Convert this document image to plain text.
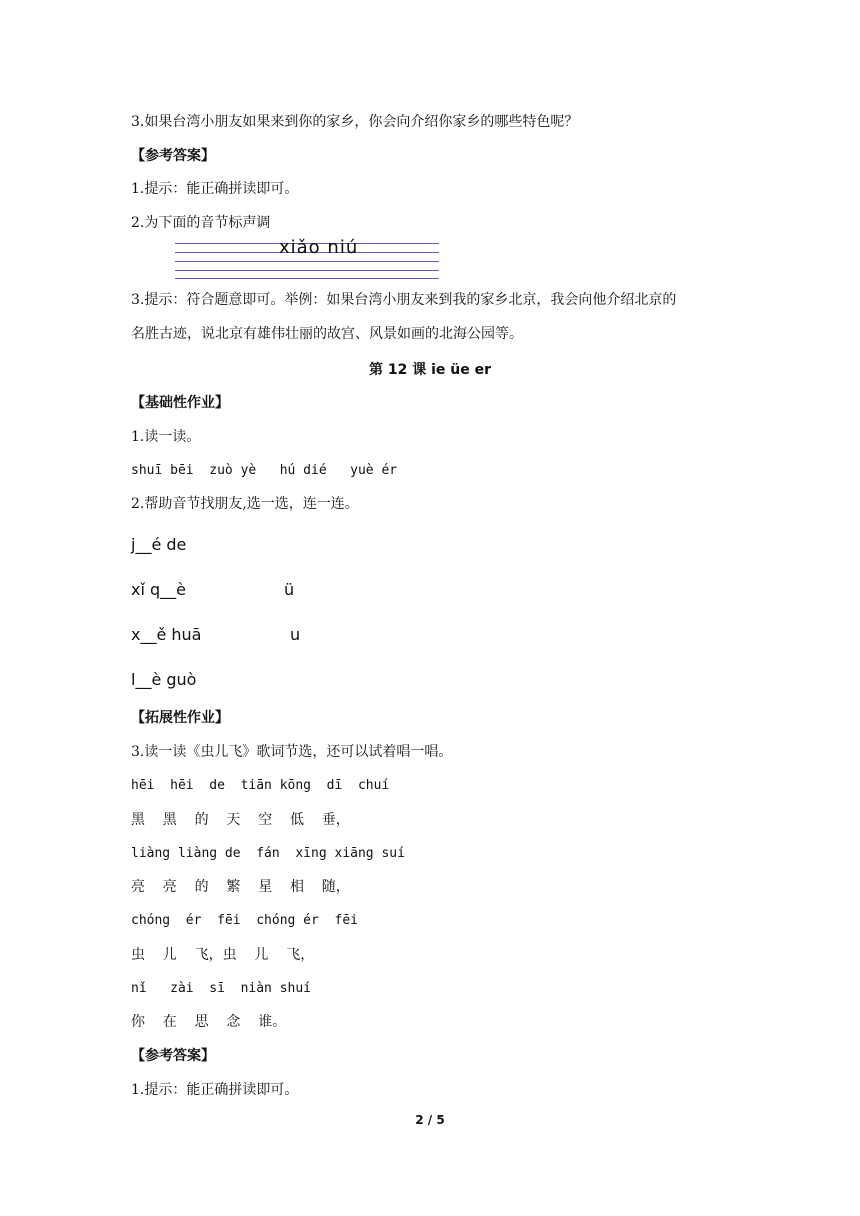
3.如果台湾小朋友如果来到你的家乡，你会向介绍你家乡的哪些特色呢？
【参考答案】
1.提示：能正确拼读即可。
2.为下面的音节标声调
xiǎo niú
3.提示：符合题意即可。举例：如果台湾小朋友来到我的家乡北京，我会向他介绍北京的
名胜古迹，说北京有雄伟壮丽的故宫、风景如画的北海公园等。
第 12 课 ie üe er
【基础性作业】
1.读一读。
shuī bēi  zuò yè   hú dié   yuè ér
2.帮助音节找朋友,选一选，连一连。
j__é de
xǐ q__è	ü
x__ě huā	u
l__è guò
【拓展性作业】
3.读一读《虫儿飞》歌词节选，还可以试着唱一唱。
hēi  hēi  de  tiān kōng  dī  chuí
黑    黑    的    天    空    低    垂，
liàng liàng de  fán  xīng xiāng suí
亮    亮    的    繁    星    相    随，
chóng  ér  fēi  chóng ér  fēi
虫    儿    飞，虫    儿    飞，
nǐ   zài  sī  niàn shuí
你    在    思    念    谁。
【参考答案】
1.提示：能正确拼读即可。
2 / 5
